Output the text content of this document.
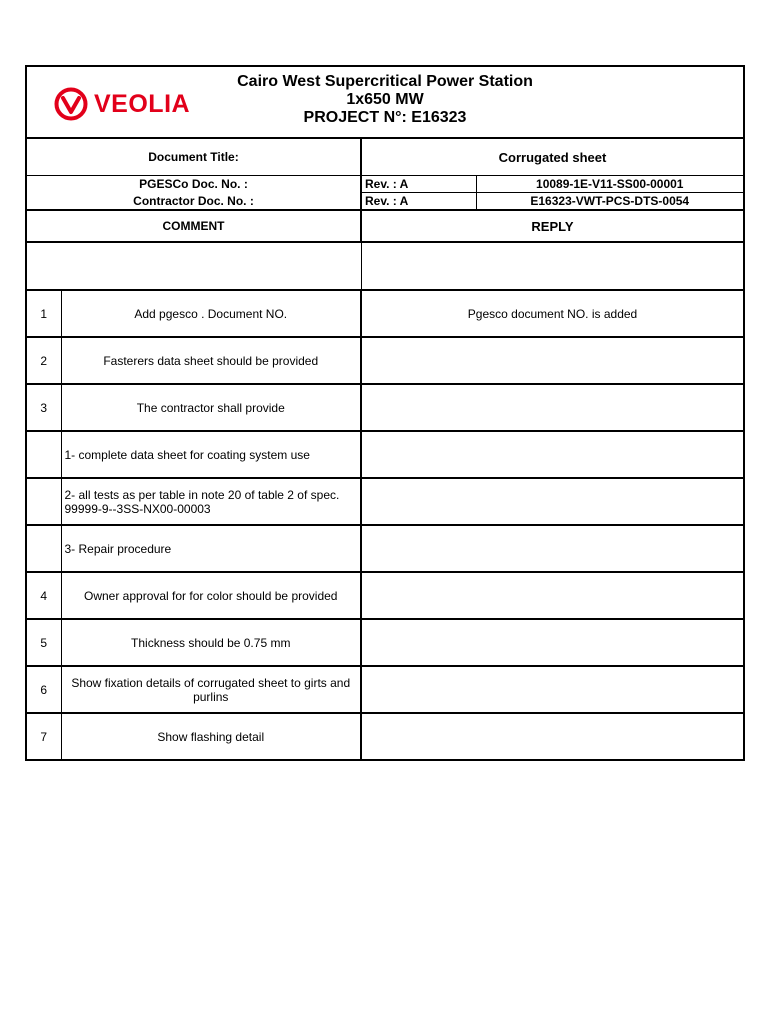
VEOLIA
Cairo West Supercritical Power Station
1x650 MW
PROJECT N°: E16323			

Document Title:		Corrugated sheet	
PGESCo Doc. No. :		Rev. : A	10089-1E-V11-SS00-00001
Contractor Doc. No. :		Rev. : A	E16323-VWT-PCS-DTS-0054
COMMENT		REPLY	

1	Add pgesco . Document NO.	Pgesco document NO. is added	
2	Fasterers data sheet should be provided		
3	The contractor shall provide		
	1- complete data sheet for coating system use		
	2- all tests as per table in note 20 of table 2 of spec. 99999-9--3SS-NX00-00003		
	3- Repair procedure		
4	Owner approval for for color should be provided		
5	Thickness should be 0.75 mm		
6	Show fixation details of corrugated sheet to girts and purlins		
7	Show flashing detail		
